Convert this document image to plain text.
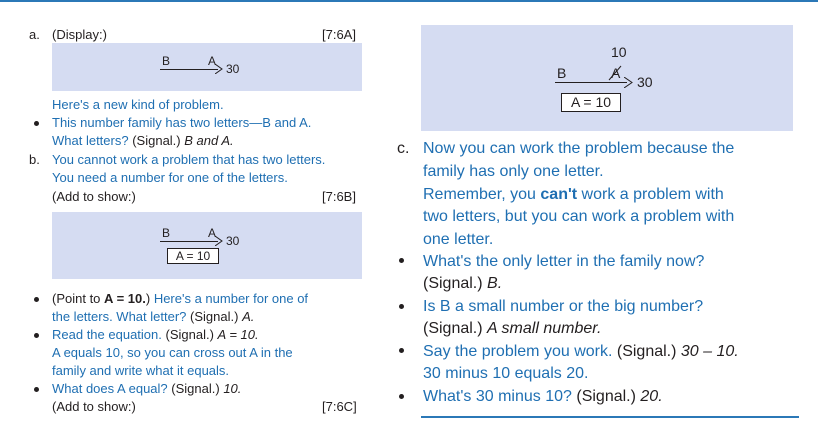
a. (Display:)	[7:6A]
B	A
30
Here's a new kind of problem.
This number family has two letters—B and A.
What letters? (Signal.) B and A.
b. You cannot work a problem that has two letters.
You need a number for one of the letters.
(Add to show:)	[7:6B]
B	A
30
A = 10
(Point to A = 10.) Here's a number for one of
the letters. What letter? (Signal.) A.
Read the equation. (Signal.) A = 10.
A equals 10, so you can cross out A in the
family and write what it equals.
What does A equal? (Signal.) 10.
(Add to show:)	[7:6C]
10
B	A
30
A = 10
c. Now you can work the problem because the
family has only one letter.
Remember, you can't work a problem with
two letters, but you can work a problem with
one letter.
What's the only letter in the family now?
(Signal.) B.
Is B a small number or the big number?
(Signal.) A small number.
Say the problem you work. (Signal.) 30 – 10.
30 minus 10 equals 20.
What's 30 minus 10? (Signal.) 20.
